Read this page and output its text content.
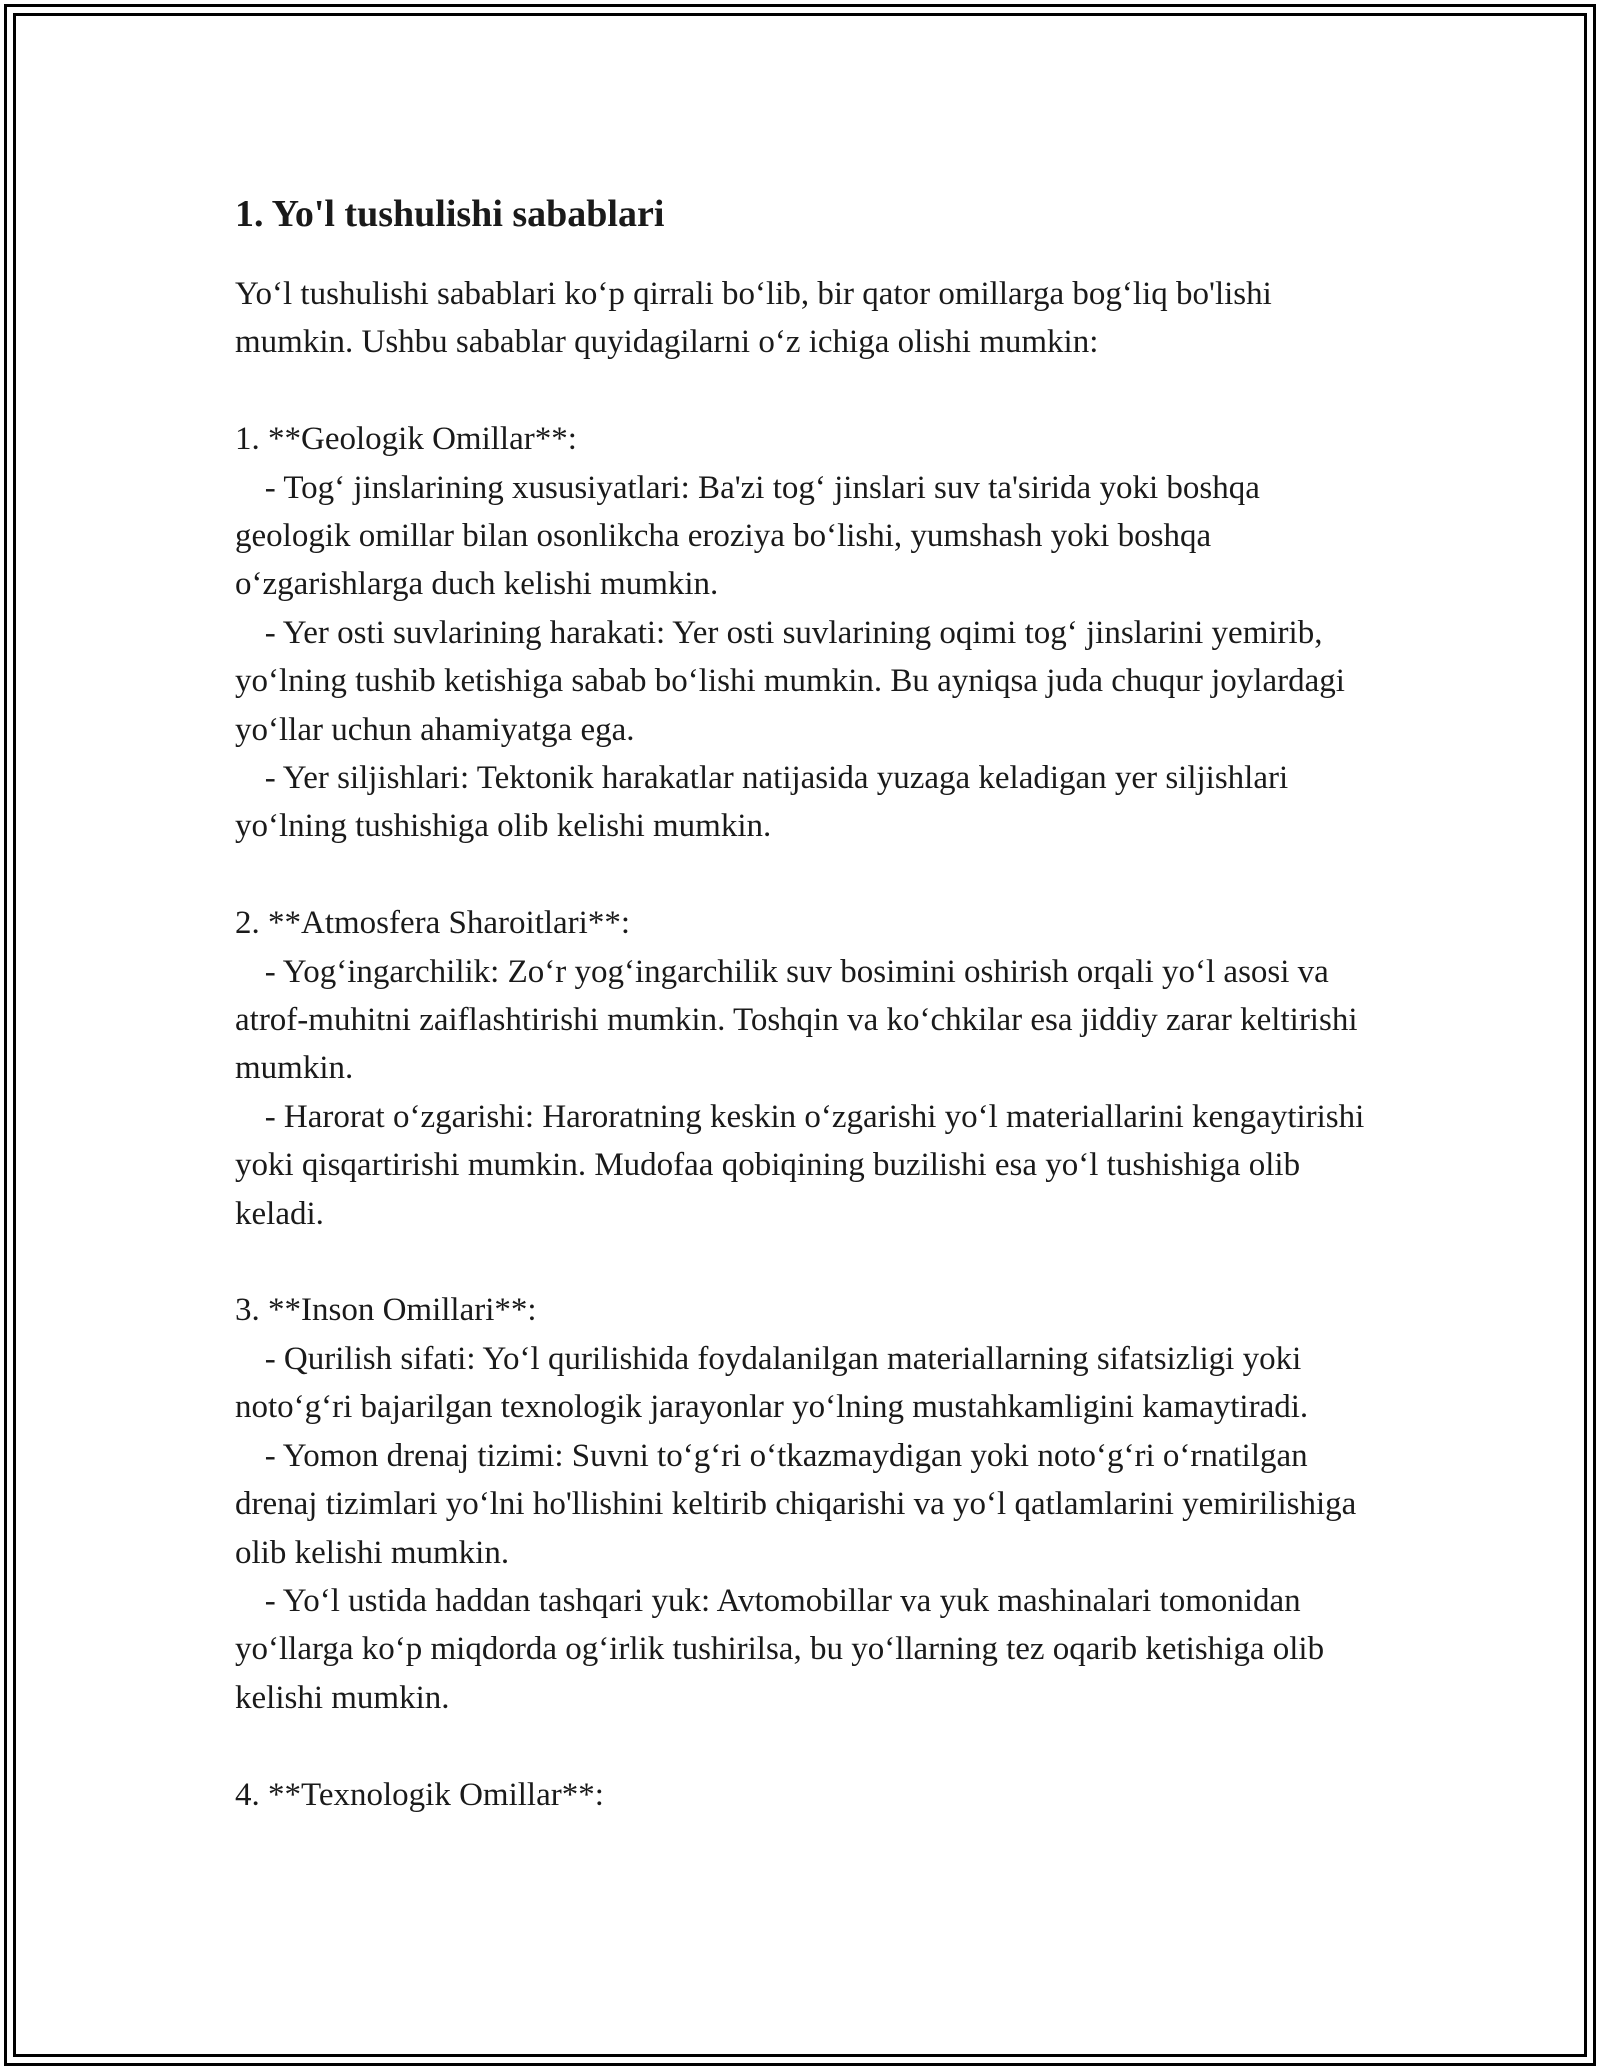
1. Yo'l tushulishi sabablari

Yo‘l tushulishi sabablari ko‘p qirrali bo‘lib, bir qator omillarga bog‘liq bo'lishi mumkin. Ushbu sabablar quyidagilarni o‘z ichiga olishi mumkin:

1. **Geologik Omillar**:

- Tog‘ jinslarining xususiyatlari: Ba'zi tog‘ jinslari suv ta'sirida yoki boshqa geologik omillar bilan osonlikcha eroziya bo‘lishi, yumshash yoki boshqa o‘zgarishlarga duch kelishi mumkin.

- Yer osti suvlarining harakati: Yer osti suvlarining oqimi tog‘ jinslarini yemirib, yo‘lning tushib ketishiga sabab bo‘lishi mumkin. Bu ayniqsa juda chuqur joylardagi yo‘llar uchun ahamiyatga ega.

- Yer siljishlari: Tektonik harakatlar natijasida yuzaga keladigan yer siljishlari yo‘lning tushishiga olib kelishi mumkin.

2. **Atmosfera Sharoitlari**:

- Yog‘ingarchilik: Zo‘r yog‘ingarchilik suv bosimini oshirish orqali yo‘l asosi va atrof-muhitni zaiflashtirishi mumkin. Toshqin va ko‘chkilar esa jiddiy zarar keltirishi mumkin.

- Harorat o‘zgarishi: Haroratning keskin o‘zgarishi yo‘l materiallarini kengaytirishi yoki qisqartirishi mumkin. Mudofaa qobiqining buzilishi esa yo‘l tushishiga olib keladi.

3. **Inson Omillari**:

- Qurilish sifati: Yo‘l qurilishida foydalanilgan materiallarning sifatsizligi yoki noto‘g‘ri bajarilgan texnologik jarayonlar yo‘lning mustahkamligini kamaytiradi.

- Yomon drenaj tizimi: Suvni to‘g‘ri o‘tkazmaydigan yoki noto‘g‘ri o‘rnatilgan drenaj tizimlari yo‘lni ho'llishini keltirib chiqarishi va yo‘l qatlamlarini yemirilishiga olib kelishi mumkin.

- Yo‘l ustida haddan tashqari yuk: Avtomobillar va yuk mashinalari tomonidan yo‘llarga ko‘p miqdorda og‘irlik tushirilsa, bu yo‘llarning tez oqarib ketishiga olib kelishi mumkin.

4. **Texnologik Omillar**:
